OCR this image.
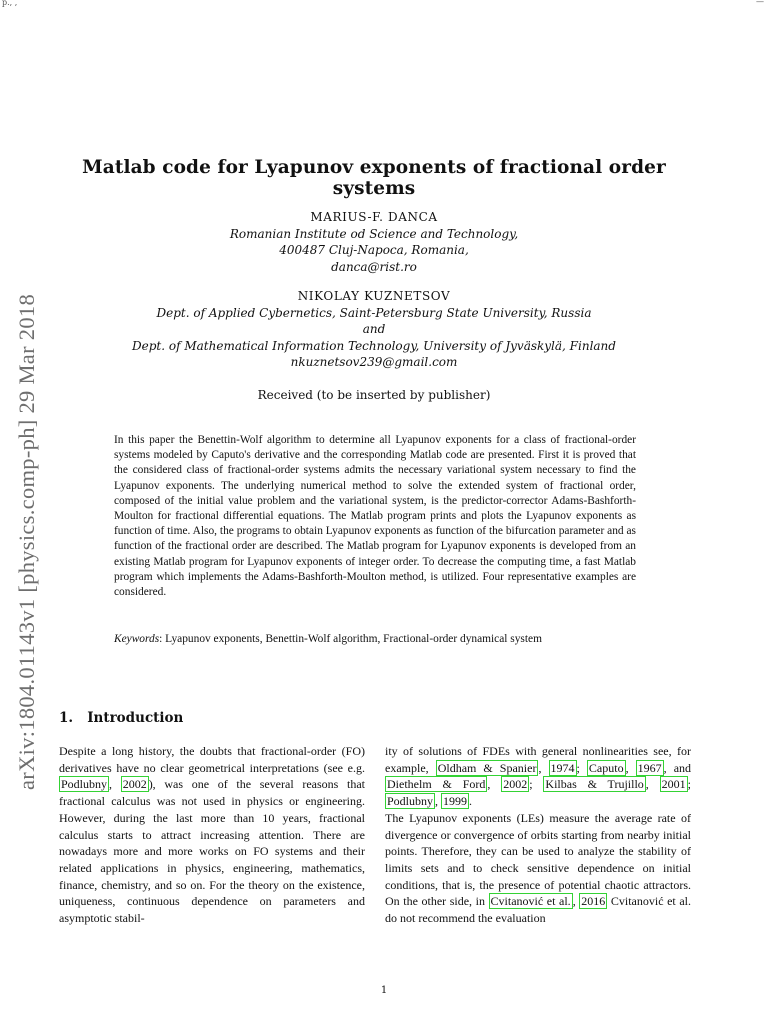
p., ,	—
arXiv:1804.01143v1 [physics.comp-ph] 29 Mar 2018
Matlab code for Lyapunov exponents of fractional order systems
MARIUS-F. DANCA
Romanian Institute od Science and Technology,
400487 Cluj-Napoca, Romania,
danca@rist.ro
NIKOLAY KUZNETSOV
Dept. of Applied Cybernetics, Saint-Petersburg State University, Russia
and
Dept. of Mathematical Information Technology, University of Jyväskylä, Finland
nkuznetsov239@gmail.com
Received (to be inserted by publisher)
In this paper the Benettin-Wolf algorithm to determine all Lyapunov exponents for a class of fractional-order systems modeled by Caputo's derivative and the corresponding Matlab code are presented. First it is proved that the considered class of fractional-order systems admits the necessary variational system necessary to find the Lyapunov exponents. The underlying numerical method to solve the extended system of fractional order, composed of the initial value problem and the variational system, is the predictor-corrector Adams-Bashforth-Moulton for fractional differential equations. The Matlab program prints and plots the Lyapunov exponents as function of time. Also, the programs to obtain Lyapunov exponents as function of the bifurcation parameter and as function of the fractional order are described. The Matlab program for Lyapunov exponents is developed from an existing Matlab program for Lyapunov exponents of integer order. To decrease the computing time, a fast Matlab program which implements the Adams-Bashforth-Moulton method, is utilized. Four representative examples are considered.
Keywords: Lyapunov exponents, Benettin-Wolf algorithm, Fractional-order dynamical system
1. Introduction
Despite a long history, the doubts that fractional-order (FO) derivatives have no clear geometrical interpretations (see e.g. Podlubny , 2002 ), was one of the several reasons that fractional calculus was not used in physics or engineering. However, during the last more than 10 years, fractional calculus starts to attract increasing attention. There are nowadays more and more works on FO systems and their related applications in physics, engineering, mathematics, finance, chemistry, and so on. For the theory on the existence, uniqueness, continuous dependence on parameters and asymptotic stabil-
ity of solutions of FDEs with general nonlinearities see, for example, Oldham & Spanier , 1974 ; Caputo , 1967 , and Diethelm & Ford , 2002 ; Kilbas & Trujillo , 2001 ; Podlubny , 1999 .
The Lyapunov exponents (LEs) measure the average rate of divergence or convergence of orbits starting from nearby initial points. Therefore, they can be used to analyze the stability of limits sets and to check sensitive dependence on initial conditions, that is, the presence of potential chaotic attractors. On the other side, in Cvitanović et al. , 2016 Cvitanović et al. do not recommend the evaluation
1
